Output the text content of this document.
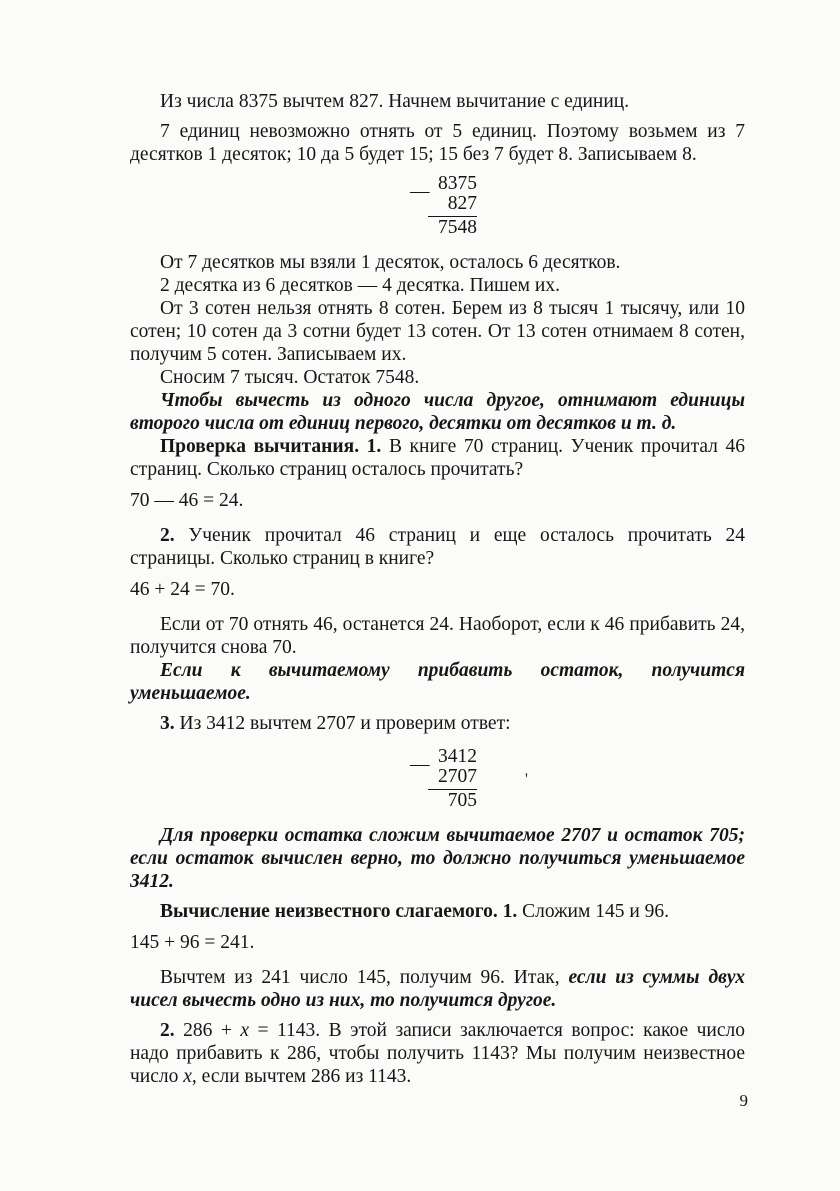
Из числа 8375 вычтем 827. Начнем вычитание с единиц.

7 единиц невозможно отнять от 5 единиц. Поэтому возьмем из 7 десятков 1 десяток; 10 да 5 будет 15; 15 без 7 будет 8. Записываем 8.

— 8375
827
7548

От 7 десятков мы взяли 1 десяток, осталось 6 десятков.

2 десятка из 6 десятков — 4 десятка. Пишем их.

От 3 сотен нельзя отнять 8 сотен. Берем из 8 тысяч 1 тысячу, или 10 сотен; 10 сотен да 3 сотни будет 13 сотен. От 13 сотен отнимаем 8 сотен, получим 5 сотен. Записываем их.

Сносим 7 тысяч. Остаток 7548.

Чтобы вычесть из одного числа другое, отнимают единицы второго числа от единиц первого, десятки от десятков и т. д.

Проверка вычитания. 1. В книге 70 страниц. Ученик прочитал 46 страниц. Сколько страниц осталось прочитать?

70 — 46 = 24.

2. Ученик прочитал 46 страниц и еще осталось прочитать 24 страницы. Сколько страниц в книге?

46 + 24 = 70.

Если от 70 отнять 46, останется 24. Наоборот, если к 46 прибавить 24, получится снова 70.

Если к вычитаемому прибавить остаток, получится уменьшаемое.

3. Из 3412 вычтем 2707 и проверим ответ:

— 3412
2707
705

Для проверки остатка сложим вычитаемое 2707 и остаток 705; если остаток вычислен верно, то должно получиться уменьшаемое 3412.

Вычисление неизвестного слагаемого. 1. Сложим 145 и 96.

145 + 96 = 241.

Вычтем из 241 число 145, получим 96. Итак, если из суммы двух чисел вычесть одно из них, то получится другое.

2. 286 + x = 1143. В этой записи заключается вопрос: какое число надо прибавить к 286, чтобы получить 1143? Мы получим неизвестное число x, если вычтем 286 из 1143.

'
9
